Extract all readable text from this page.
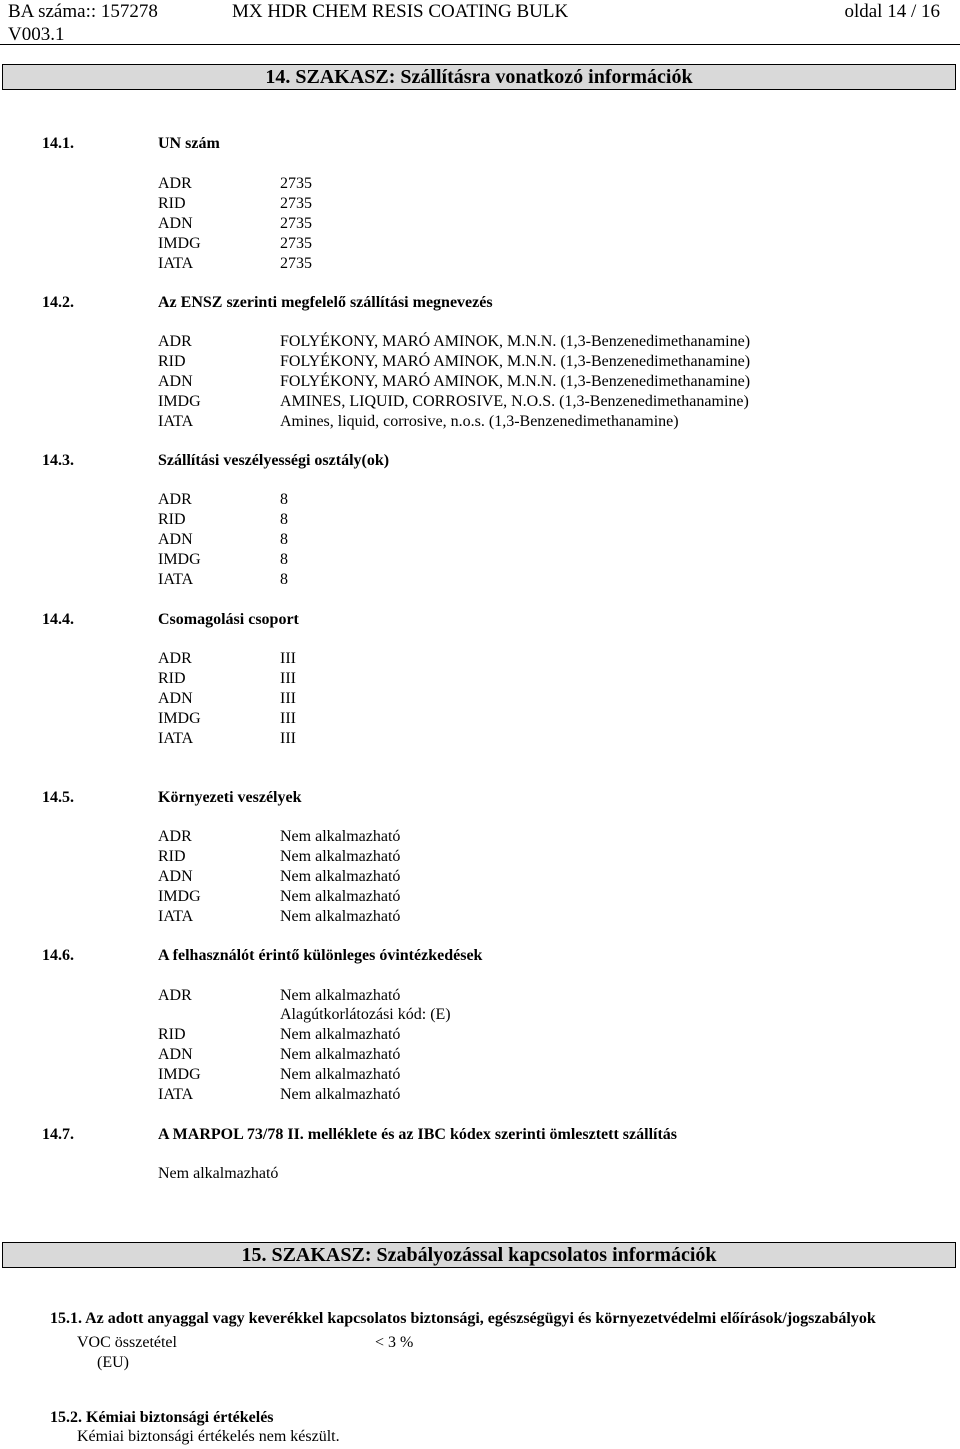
BA száma:: 157278
V003.1
MX HDR CHEM RESIS COATING BULK	oldal 14 / 16
14. SZAKASZ: Szállításra vonatkozó információk
14.1.	UN szám
ADR	2735
RID	2735
ADN	2735
IMDG	2735
IATA	2735
14.2.	Az ENSZ szerinti megfelelő szállítási megnevezés
ADR	FOLYÉKONY, MARÓ AMINOK, M.N.N. (1,3-Benzenedimethanamine)
RID	FOLYÉKONY, MARÓ AMINOK, M.N.N. (1,3-Benzenedimethanamine)
ADN	FOLYÉKONY, MARÓ AMINOK, M.N.N. (1,3-Benzenedimethanamine)
IMDG	AMINES, LIQUID, CORROSIVE, N.O.S. (1,3-Benzenedimethanamine)
IATA	Amines, liquid, corrosive, n.o.s. (1,3-Benzenedimethanamine)
14.3.	Szállítási veszélyességi osztály(ok)
ADR	8
RID	8
ADN	8
IMDG	8
IATA	8
14.4.	Csomagolási csoport
ADR	III
RID	III
ADN	III
IMDG	III
IATA	III
14.5.	Környezeti veszélyek
ADR	Nem alkalmazható
RID	Nem alkalmazható
ADN	Nem alkalmazható
IMDG	Nem alkalmazható
IATA	Nem alkalmazható
14.6.	A felhasználót érintő különleges óvintézkedések
ADR	Nem alkalmazható
Alagútkorlátozási kód: (E)
RID	Nem alkalmazható
ADN	Nem alkalmazható
IMDG	Nem alkalmazható
IATA	Nem alkalmazható
14.7.	A MARPOL 73/78 II. melléklete és az IBC kódex szerinti ömlesztett szállítás
Nem alkalmazható
15. SZAKASZ: Szabályozással kapcsolatos információk
15.1. Az adott anyaggal vagy keverékkel kapcsolatos biztonsági, egészségügyi és környezetvédelmi előírások/jogszabályok
VOC összetétel
(EU)
< 3 %
15.2. Kémiai biztonsági értékelés
Kémiai biztonsági értékelés nem készült.
